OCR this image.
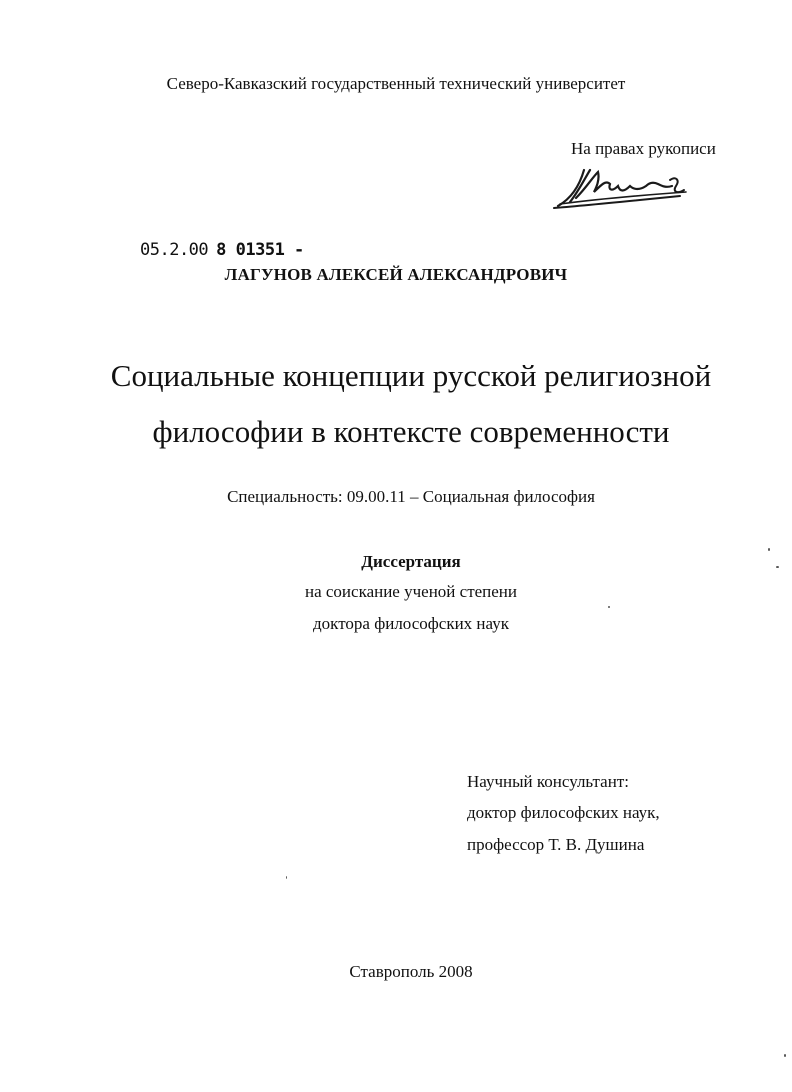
Северо-Кавказский государственный технический университет
На правах рукописи
05.2.00 8 01351 -
ЛАГУНОВ АЛЕКСЕЙ АЛЕКСАНДРОВИЧ
Социальные концепции русской религиозной
философии в контексте современности
Специальность: 09.00.11 – Социальная философия
Диссертация
на соискание ученой степени
доктора философских наук
Научный консультант:
доктор философских наук,
профессор Т. В. Душина
Ставрополь 2008
